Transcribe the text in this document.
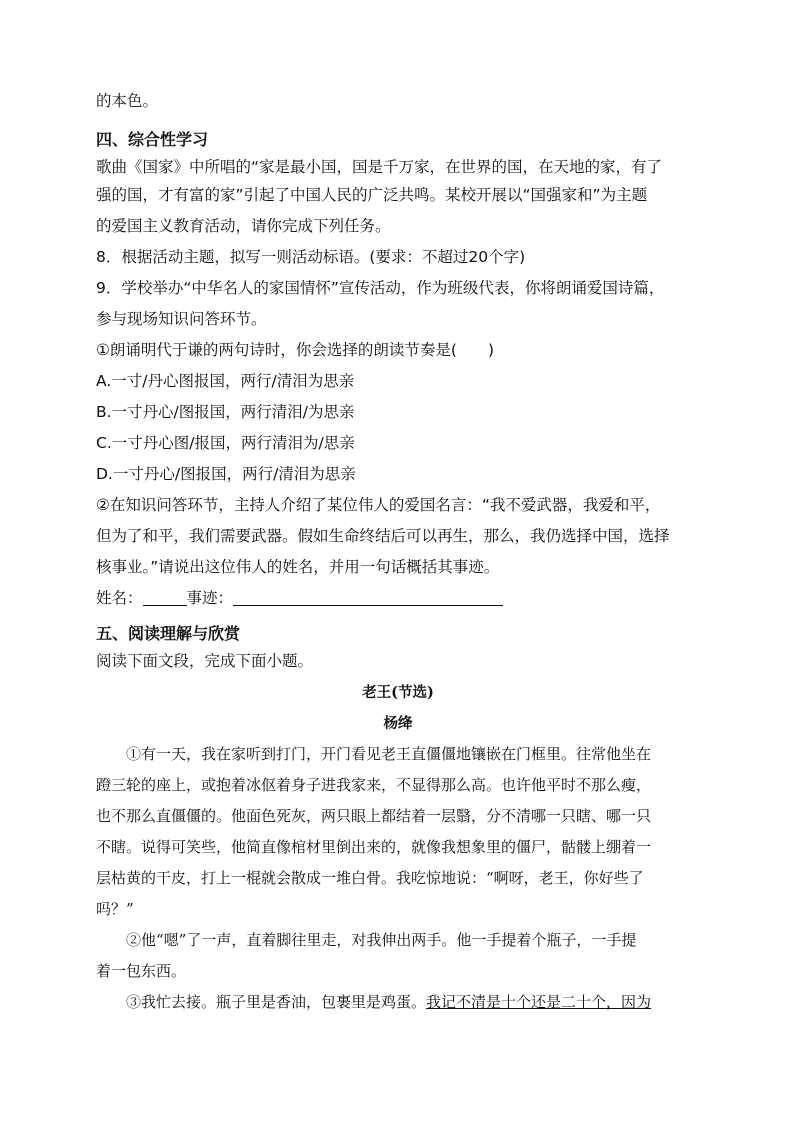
的本色。
四、综合性学习
歌曲《国家》中所唱的“家是最小国，国是千万家，在世界的国，在天地的家，有了
强的国，才有富的家”引起了中国人民的广泛共鸣。某校开展以“国强家和”为主题
的爱国主义教育活动，请你完成下列任务。
8．根据活动主题，拟写一则活动标语。(要求：不超过20个字)
9．学校举办“中华名人的家国情怀”宣传活动，作为班级代表，你将朗诵爱国诗篇，
参与现场知识问答环节。
①朗诵明代于谦的两句诗时，你会选择的朗读节奏是(　　)
A.一寸/丹心图报国，两行/清泪为思亲
B.一寸丹心/图报国，两行清泪/为思亲
C.一寸丹心图/报国，两行清泪为/思亲
D.一寸丹心/图报国，两行/清泪为思亲
②在知识问答环节，主持人介绍了某位伟人的爱国名言：“我不爱武器，我爱和平，
但为了和平，我们需要武器。假如生命终结后可以再生，那么，我仍选择中国，选择
核事业。”请说出这位伟人的姓名，并用一句话概括其事迹。
姓名：	事迹：
五、阅读理解与欣赏
阅读下面文段，完成下面小题。
老王(节选)
杨绛
①有一天，我在家听到打门，开门看见老王直僵僵地镶嵌在门框里。往常他坐在
蹬三轮的座上，或抱着冰伛着身子进我家来，不显得那么高。也许他平时不那么瘦，
也不那么直僵僵的。他面色死灰，两只眼上都结着一层翳，分不清哪一只瞎、哪一只
不瞎。说得可笑些，他简直像棺材里倒出来的，就像我想象里的僵尸，骷髅上绷着一
层枯黄的干皮，打上一棍就会散成一堆白骨。我吃惊地说：“啊呀，老王，你好些了
吗？”
②他“嗯”了一声，直着脚往里走，对我伸出两手。他一手提着个瓶子，一手提
着一包东西。
③我忙去接。瓶子里是香油，包裹里是鸡蛋。我记不清是十个还是二十个，因为
